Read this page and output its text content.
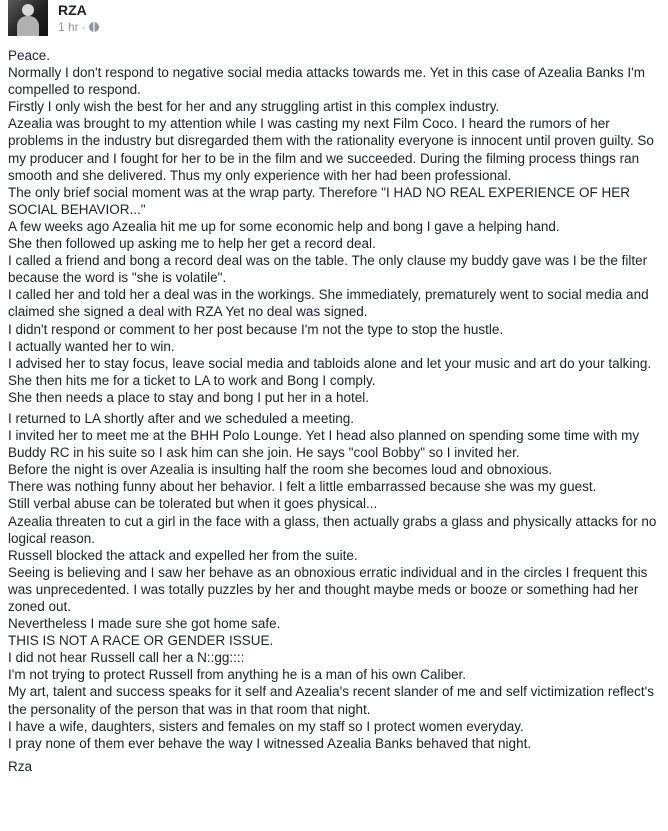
RZA
1 hr ·

Peace.

Normally I don't respond to negative social media attacks towards me. Yet in this case of Azealia Banks I'm compelled to respond.

Firstly I only wish the best for her and any struggling artist in this complex industry.

Azealia was brought to my attention while I was casting my next Film Coco. I heard the rumors of her problems in the industry but disregarded them with the rationality everyone is innocent until proven guilty. So my producer and I fought for her to be in the film and we succeeded. During the filming process things ran smooth and she delivered. Thus my only experience with her had been professional.

The only brief social moment was at the wrap party. Therefore "I HAD NO REAL EXPERIENCE OF HER SOCIAL BEHAVIOR..."

A few weeks ago Azealia hit me up for some economic help and bong I gave a helping hand.

She then followed up asking me to help her get a record deal.

I called a friend and bong a record deal was on the table. The only clause my buddy gave was I be the filter because the word is "she is volatile".

I called her and told her a deal was in the workings. She immediately, prematurely went to social media and claimed she signed a deal with RZA Yet no deal was signed.

I didn't respond or comment to her post because I'm not the type to stop the hustle.

I actually wanted her to win.

I advised her to stay focus, leave social media and tabloids alone and let your music and art do your talking.

She then hits me for a ticket to LA to work and Bong I comply.

She then needs a place to stay and bong I put her in a hotel.

I returned to LA shortly after and we scheduled a meeting.

I invited her to meet me at the BHH Polo Lounge. Yet I head also planned on spending some time with my Buddy RC in his suite so I ask him can she join. He says "cool Bobby" so I invited her.

Before the night is over Azealia is insulting half the room she becomes loud and obnoxious.

There was nothing funny about her behavior. I felt a little embarrassed because she was my guest.

Still verbal abuse can be tolerated but when it goes physical...

Azealia threaten to cut a girl in the face with a glass, then actually grabs a glass and physically attacks for no logical reason.

Russell blocked the attack and expelled her from the suite.

Seeing is believing and I saw her behave as an obnoxious erratic individual and in the circles I frequent this was unprecedented. I was totally puzzles by her and thought maybe meds or booze or something had her zoned out.

Nevertheless I made sure she got home safe.

THIS IS NOT A RACE OR GENDER ISSUE.

I did not hear Russell call her a N::gg::::

I'm not trying to protect Russell from anything he is a man of his own Caliber.

My art, talent and success speaks for it self and Azealia's recent slander of me and self victimization reflect's the personality of the person that was in that room that night.

I have a wife, daughters, sisters and females on my staff so I protect women everyday.

I pray none of them ever behave the way I witnessed Azealia Banks behaved that night.

Rza
